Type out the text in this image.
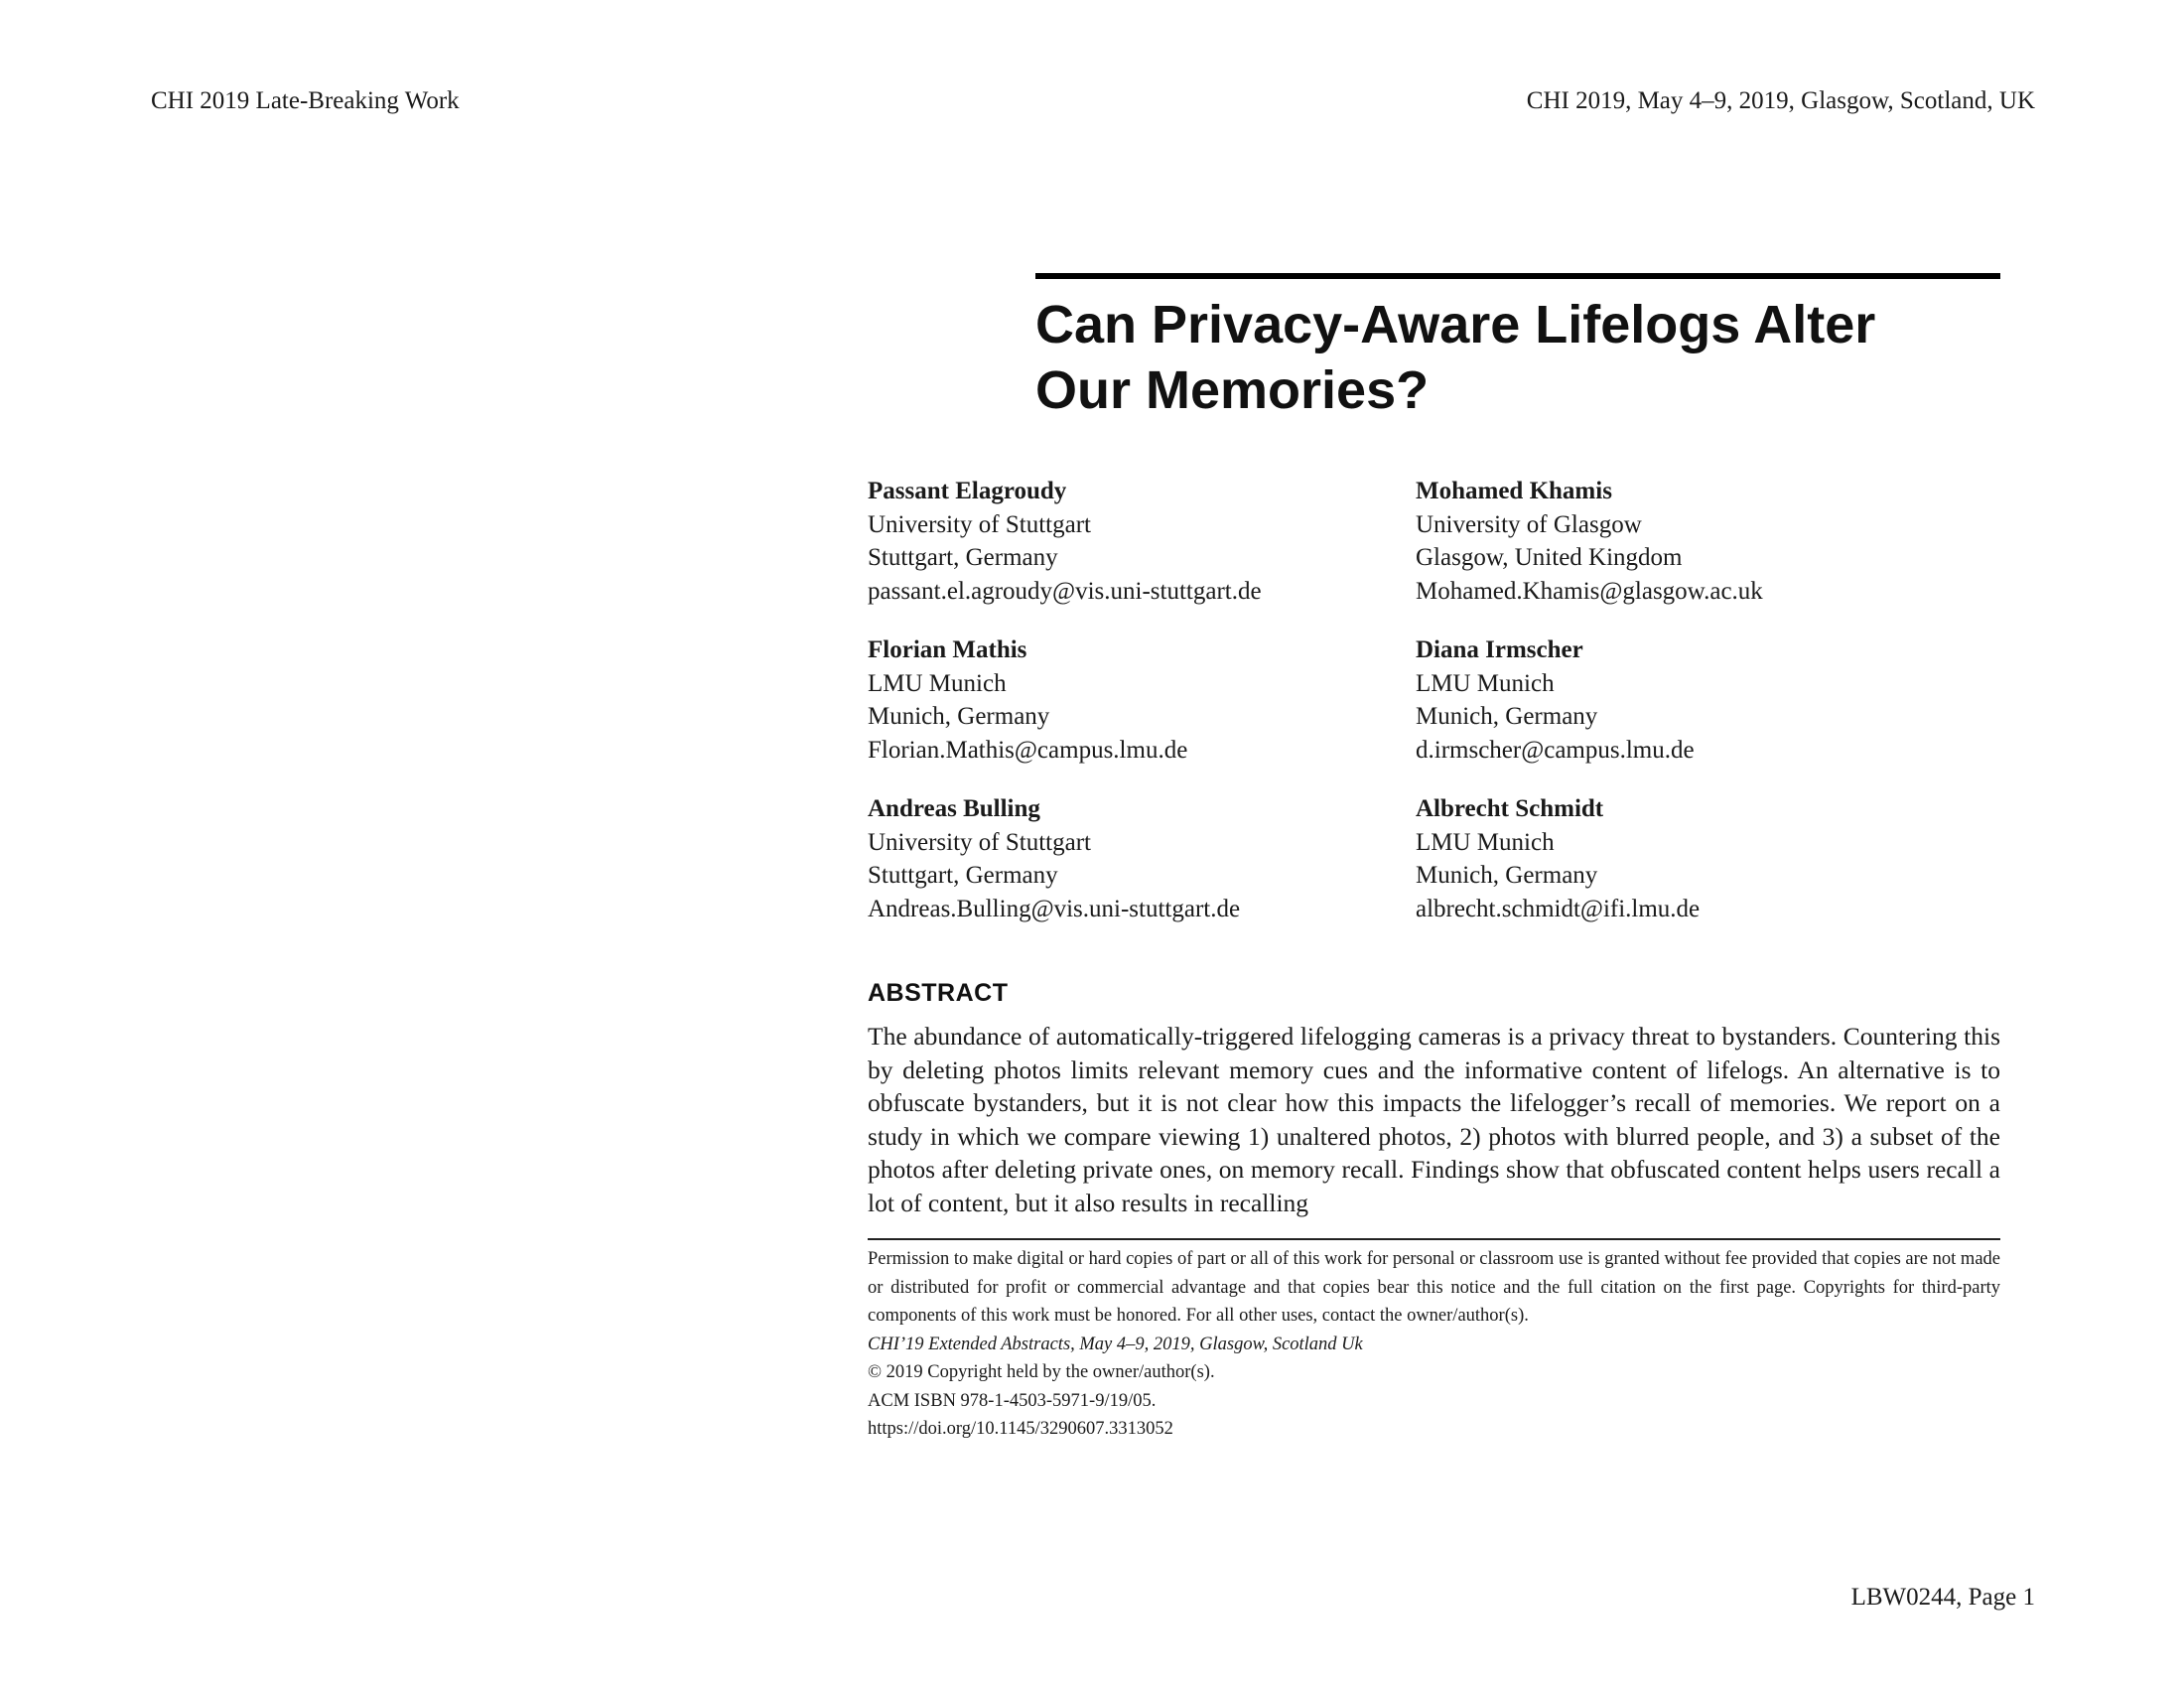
CHI 2019 Late-Breaking Work	CHI 2019, May 4–9, 2019, Glasgow, Scotland, UK
Can Privacy-Aware Lifelogs Alter
Our Memories?
Passant Elagroudy
University of Stuttgart
Stuttgart, Germany
passant.el.agroudy@vis.uni-stuttgart.de
Mohamed Khamis
University of Glasgow
Glasgow, United Kingdom
Mohamed.Khamis@glasgow.ac.uk
Florian Mathis
LMU Munich
Munich, Germany
Florian.Mathis@campus.lmu.de
Diana Irmscher
LMU Munich
Munich, Germany
d.irmscher@campus.lmu.de
Andreas Bulling
University of Stuttgart
Stuttgart, Germany
Andreas.Bulling@vis.uni-stuttgart.de
Albrecht Schmidt
LMU Munich
Munich, Germany
albrecht.schmidt@ifi.lmu.de
ABSTRACT

The abundance of automatically-triggered lifelogging cameras is a privacy threat to bystanders. Countering this by deleting photos limits relevant memory cues and the informative content of lifelogs. An alternative is to obfuscate bystanders, but it is not clear how this impacts the lifelogger’s recall of memories. We report on a study in which we compare viewing 1) unaltered photos, 2) photos with blurred people, and 3) a subset of the photos after deleting private ones, on memory recall. Findings show that obfuscated content helps users recall a lot of content, but it also results in recalling

Permission to make digital or hard copies of part or all of this work for personal or classroom use is granted without fee provided that copies are not made or distributed for profit or commercial advantage and that copies bear this notice and the full citation on the first page. Copyrights for third-party components of this work must be honored. For all other uses, contact the owner/author(s).
CHI’19 Extended Abstracts, May 4–9, 2019, Glasgow, Scotland Uk
© 2019 Copyright held by the owner/author(s).
ACM ISBN 978-1-4503-5971-9/19/05.
https://doi.org/10.1145/3290607.3313052
LBW0244, Page 1
